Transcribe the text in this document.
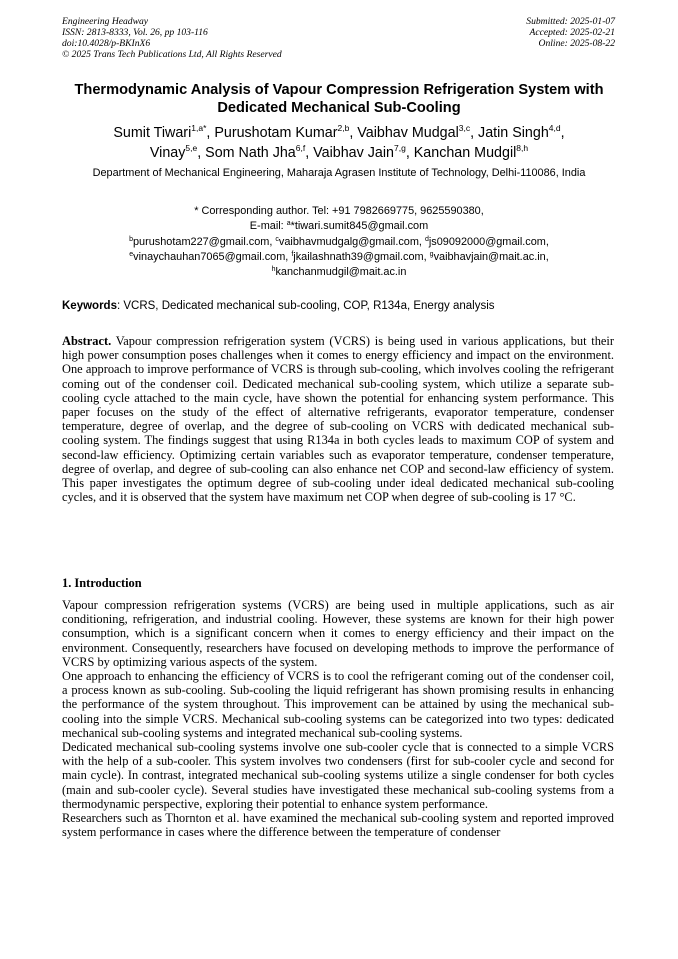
Engineering Headway
ISSN: 2813-8333, Vol. 26, pp 103-116
doi:10.4028/p-BKInX6
© 2025 Trans Tech Publications Ltd, All Rights Reserved
Submitted: 2025-01-07
Accepted: 2025-02-21
Online: 2025-08-22
Thermodynamic Analysis of Vapour Compression Refrigeration System with Dedicated Mechanical Sub-Cooling
Sumit Tiwari$^{1,a*}$, Purushotam Kumar$^{2,b}$, Vaibhav Mudgal$^{3,c}$, Jatin Singh$^{4,d}$,
Vinay$^{5,e}$, Som Nath Jha$^{6,f}$, Vaibhav Jain$^{7,g}$, Kanchan Mudgil$^{8,h}$
Department of Mechanical Engineering, Maharaja Agrasen Institute of Technology, Delhi-110086, India
* Corresponding author. Tel: +91 7982669775, 9625590380,
E-mail: $^a$*tiwari.sumit845@gmail.com
$^b$purushotam227@gmail.com, $^c$vaibhavmudgalg@gmail.com, $^d$js09092000@gmail.com,
$^e$vinaychauhan7065@gmail.com, $^f$jkailashnath39@gmail.com, $^g$vaibhavjain@mait.ac.in,
$^h$kanchanmudgil@mait.ac.in
Keywords: VCRS, Dedicated mechanical sub-cooling, COP, R134a, Energy analysis

Abstract. Vapour compression refrigeration system (VCRS) is being used in various applications, but their high power consumption poses challenges when it comes to energy efficiency and impact on the environment. One approach to improve performance of VCRS is through sub-cooling, which involves cooling the refrigerant coming out of the condenser coil. Dedicated mechanical sub-cooling system, which utilize a separate sub-cooling cycle attached to the main cycle, have shown the potential for enhancing system performance. This paper focuses on the study of the effect of alternative refrigerants, evaporator temperature, condenser temperature, degree of overlap, and the degree of sub-cooling on VCRS with dedicated mechanical sub-cooling system. The findings suggest that using R134a in both cycles leads to maximum COP of system and second-law efficiency. Optimizing certain variables such as evaporator temperature, condenser temperature, degree of overlap, and degree of sub-cooling can also enhance net COP and second-law efficiency of system. This paper investigates the optimum degree of sub-cooling under ideal dedicated mechanical sub-cooling cycles, and it is observed that the system have maximum net COP when degree of sub-cooling is 17 °C.

1. Introduction

Vapour compression refrigeration systems (VCRS) are being used in multiple applications, such as air conditioning, refrigeration, and industrial cooling. However, these systems are known for their high power consumption, which is a significant concern when it comes to energy efficiency and their impact on the environment. Consequently, researchers have focused on developing methods to improve the performance of VCRS by optimizing various aspects of the system.

One approach to enhancing the efficiency of VCRS is to cool the refrigerant coming out of the condenser coil, a process known as sub-cooling. Sub-cooling the liquid refrigerant has shown promising results in enhancing the performance of the system throughout. This improvement can be attained by using the mechanical sub-cooling into the simple VCRS. Mechanical sub-cooling systems can be categorized into two types: dedicated mechanical sub-cooling systems and integrated mechanical sub-cooling systems.

Dedicated mechanical sub-cooling systems involve one sub-cooler cycle that is connected to a simple VCRS with the help of a sub-cooler. This system involves two condensers (first for sub-cooler cycle and second for main cycle). In contrast, integrated mechanical sub-cooling systems utilize a single condenser for both cycles (main and sub-cooler cycle). Several studies have investigated these mechanical sub-cooling systems from a thermodynamic perspective, exploring their potential to enhance system performance.

Researchers such as Thornton et al. have examined the mechanical sub-cooling system and reported improved system performance in cases where the difference between the temperature of condenser
